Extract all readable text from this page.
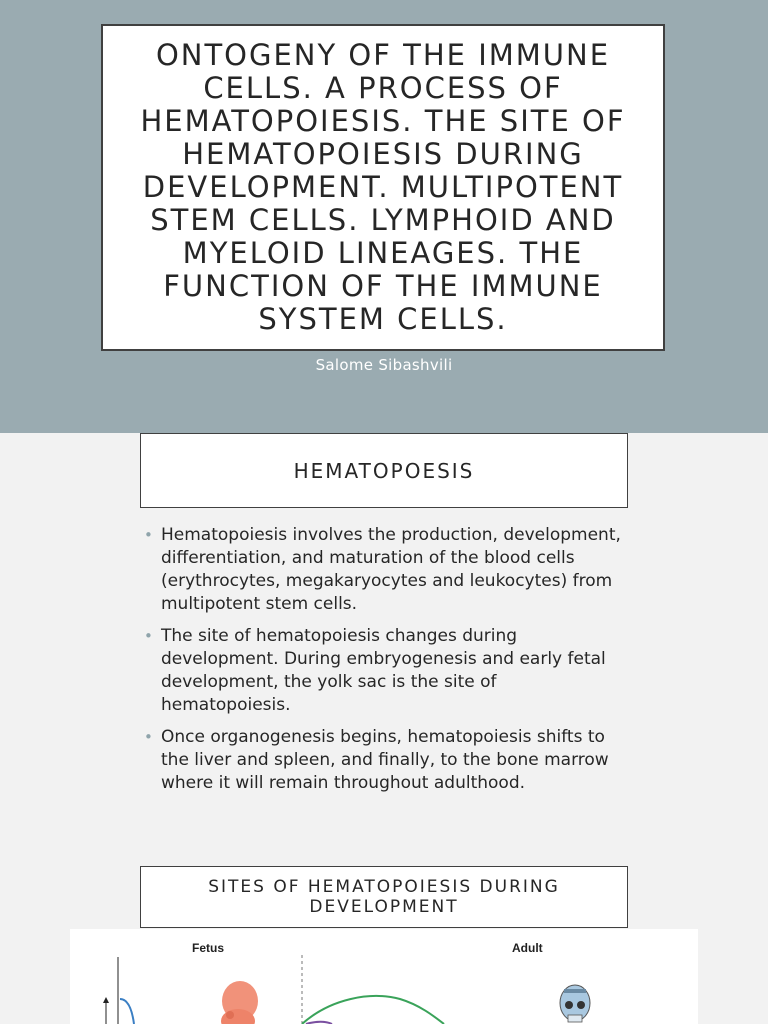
ONTOGENY OF THE IMMUNE CELLS. A PROCESS OF HEMATOPOIESIS. THE SITE OF HEMATOPOIESIS DURING DEVELOPMENT. MULTIPOTENT STEM CELLS. LYMPHOID AND MYELOID LINEAGES. THE FUNCTION OF THE IMMUNE SYSTEM CELLS.
Salome Sibashvili
HEMATOPOESIS
• Hematopoiesis involves the production, development, differentiation, and maturation of the blood cells (erythrocytes, megakaryocytes and leukocytes) from multipotent stem cells.
• The site of hematopoiesis changes during development. During embryogenesis and early fetal development, the yolk sac is the site of hematopoiesis.
• Once organogenesis begins, hematopoiesis shifts to the liver and spleen, and finally, to the bone marrow where it will remain throughout adulthood.
SITES OF HEMATOPOIESIS DURING DEVELOPMENT
Fetus	Adult
